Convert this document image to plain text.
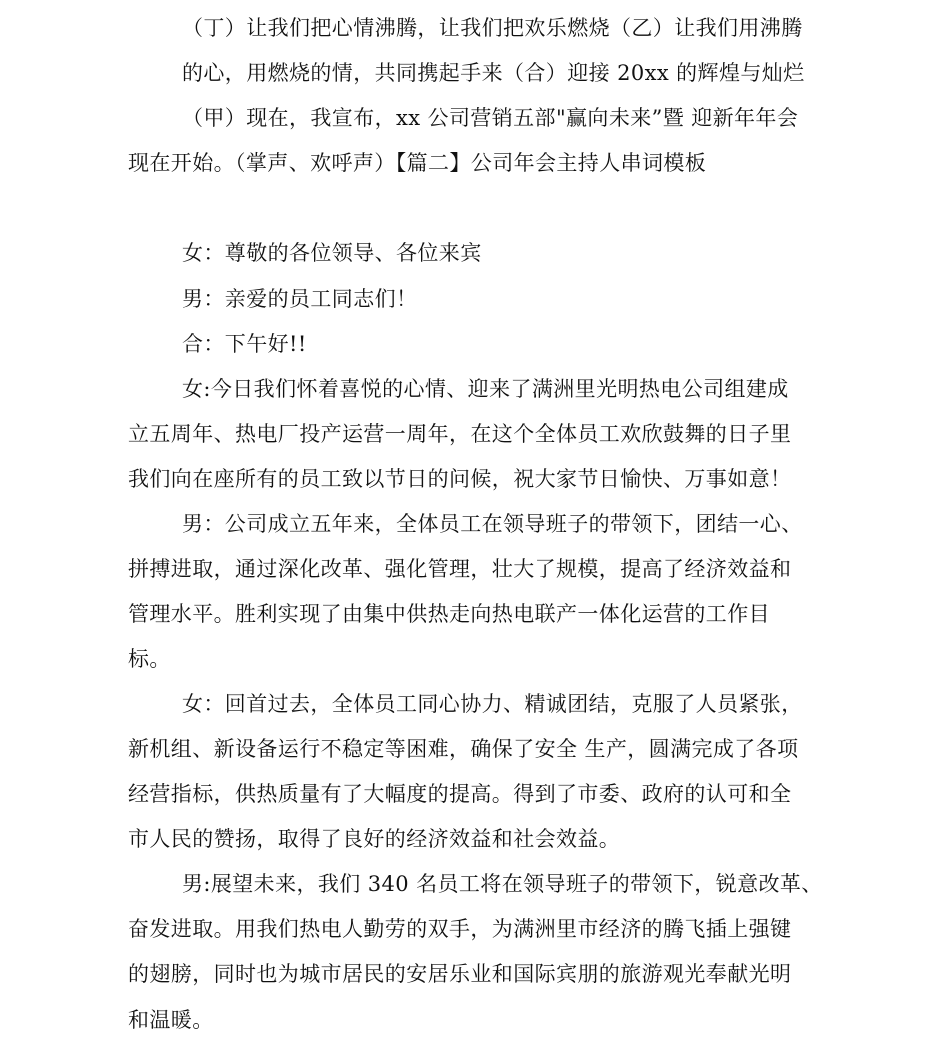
（丁）让我们把心情沸腾，让我们把欢乐燃烧（乙）让我们用沸腾
的心，用燃烧的情，共同携起手来（合）迎接 20xx 的辉煌与灿烂
（甲）现在，我宣布，xx 公司营销五部"赢向未来”暨 迎新年年会
现在开始。（掌声、欢呼声）【篇二】公司年会主持人串词模板
女：尊敬的各位领导、各位来宾
男：亲爱的员工同志们！
合：下午好!!
女:今日我们怀着喜悦的心情、迎来了满洲里光明热电公司组建成
立五周年、热电厂投产运营一周年，在这个全体员工欢欣鼓舞的日子里
我们向在座所有的员工致以节日的问候，祝大家节日愉快、万事如意！
男：公司成立五年来，全体员工在领导班子的带领下，团结一心、
拼搏进取，通过深化改革、强化管理，壮大了规模，提高了经济效益和
管理水平。胜利实现了由集中供热走向热电联产一体化运营的工作目
标。
女：回首过去，全体员工同心协力、精诚团结，克服了人员紧张，
新机组、新设备运行不稳定等困难，确保了安全 生产，圆满完成了各项
经营指标，供热质量有了大幅度的提高。得到了市委、政府的认可和全
市人民的赞扬，取得了良好的经济效益和社会效益。
男:展望未来，我们 340 名员工将在领导班子的带领下，锐意改革、
奋发进取。用我们热电人勤劳的双手，为满洲里市经济的腾飞插上强键
的翅膀，同时也为城市居民的安居乐业和国际宾朋的旅游观光奉献光明
和温暖。
